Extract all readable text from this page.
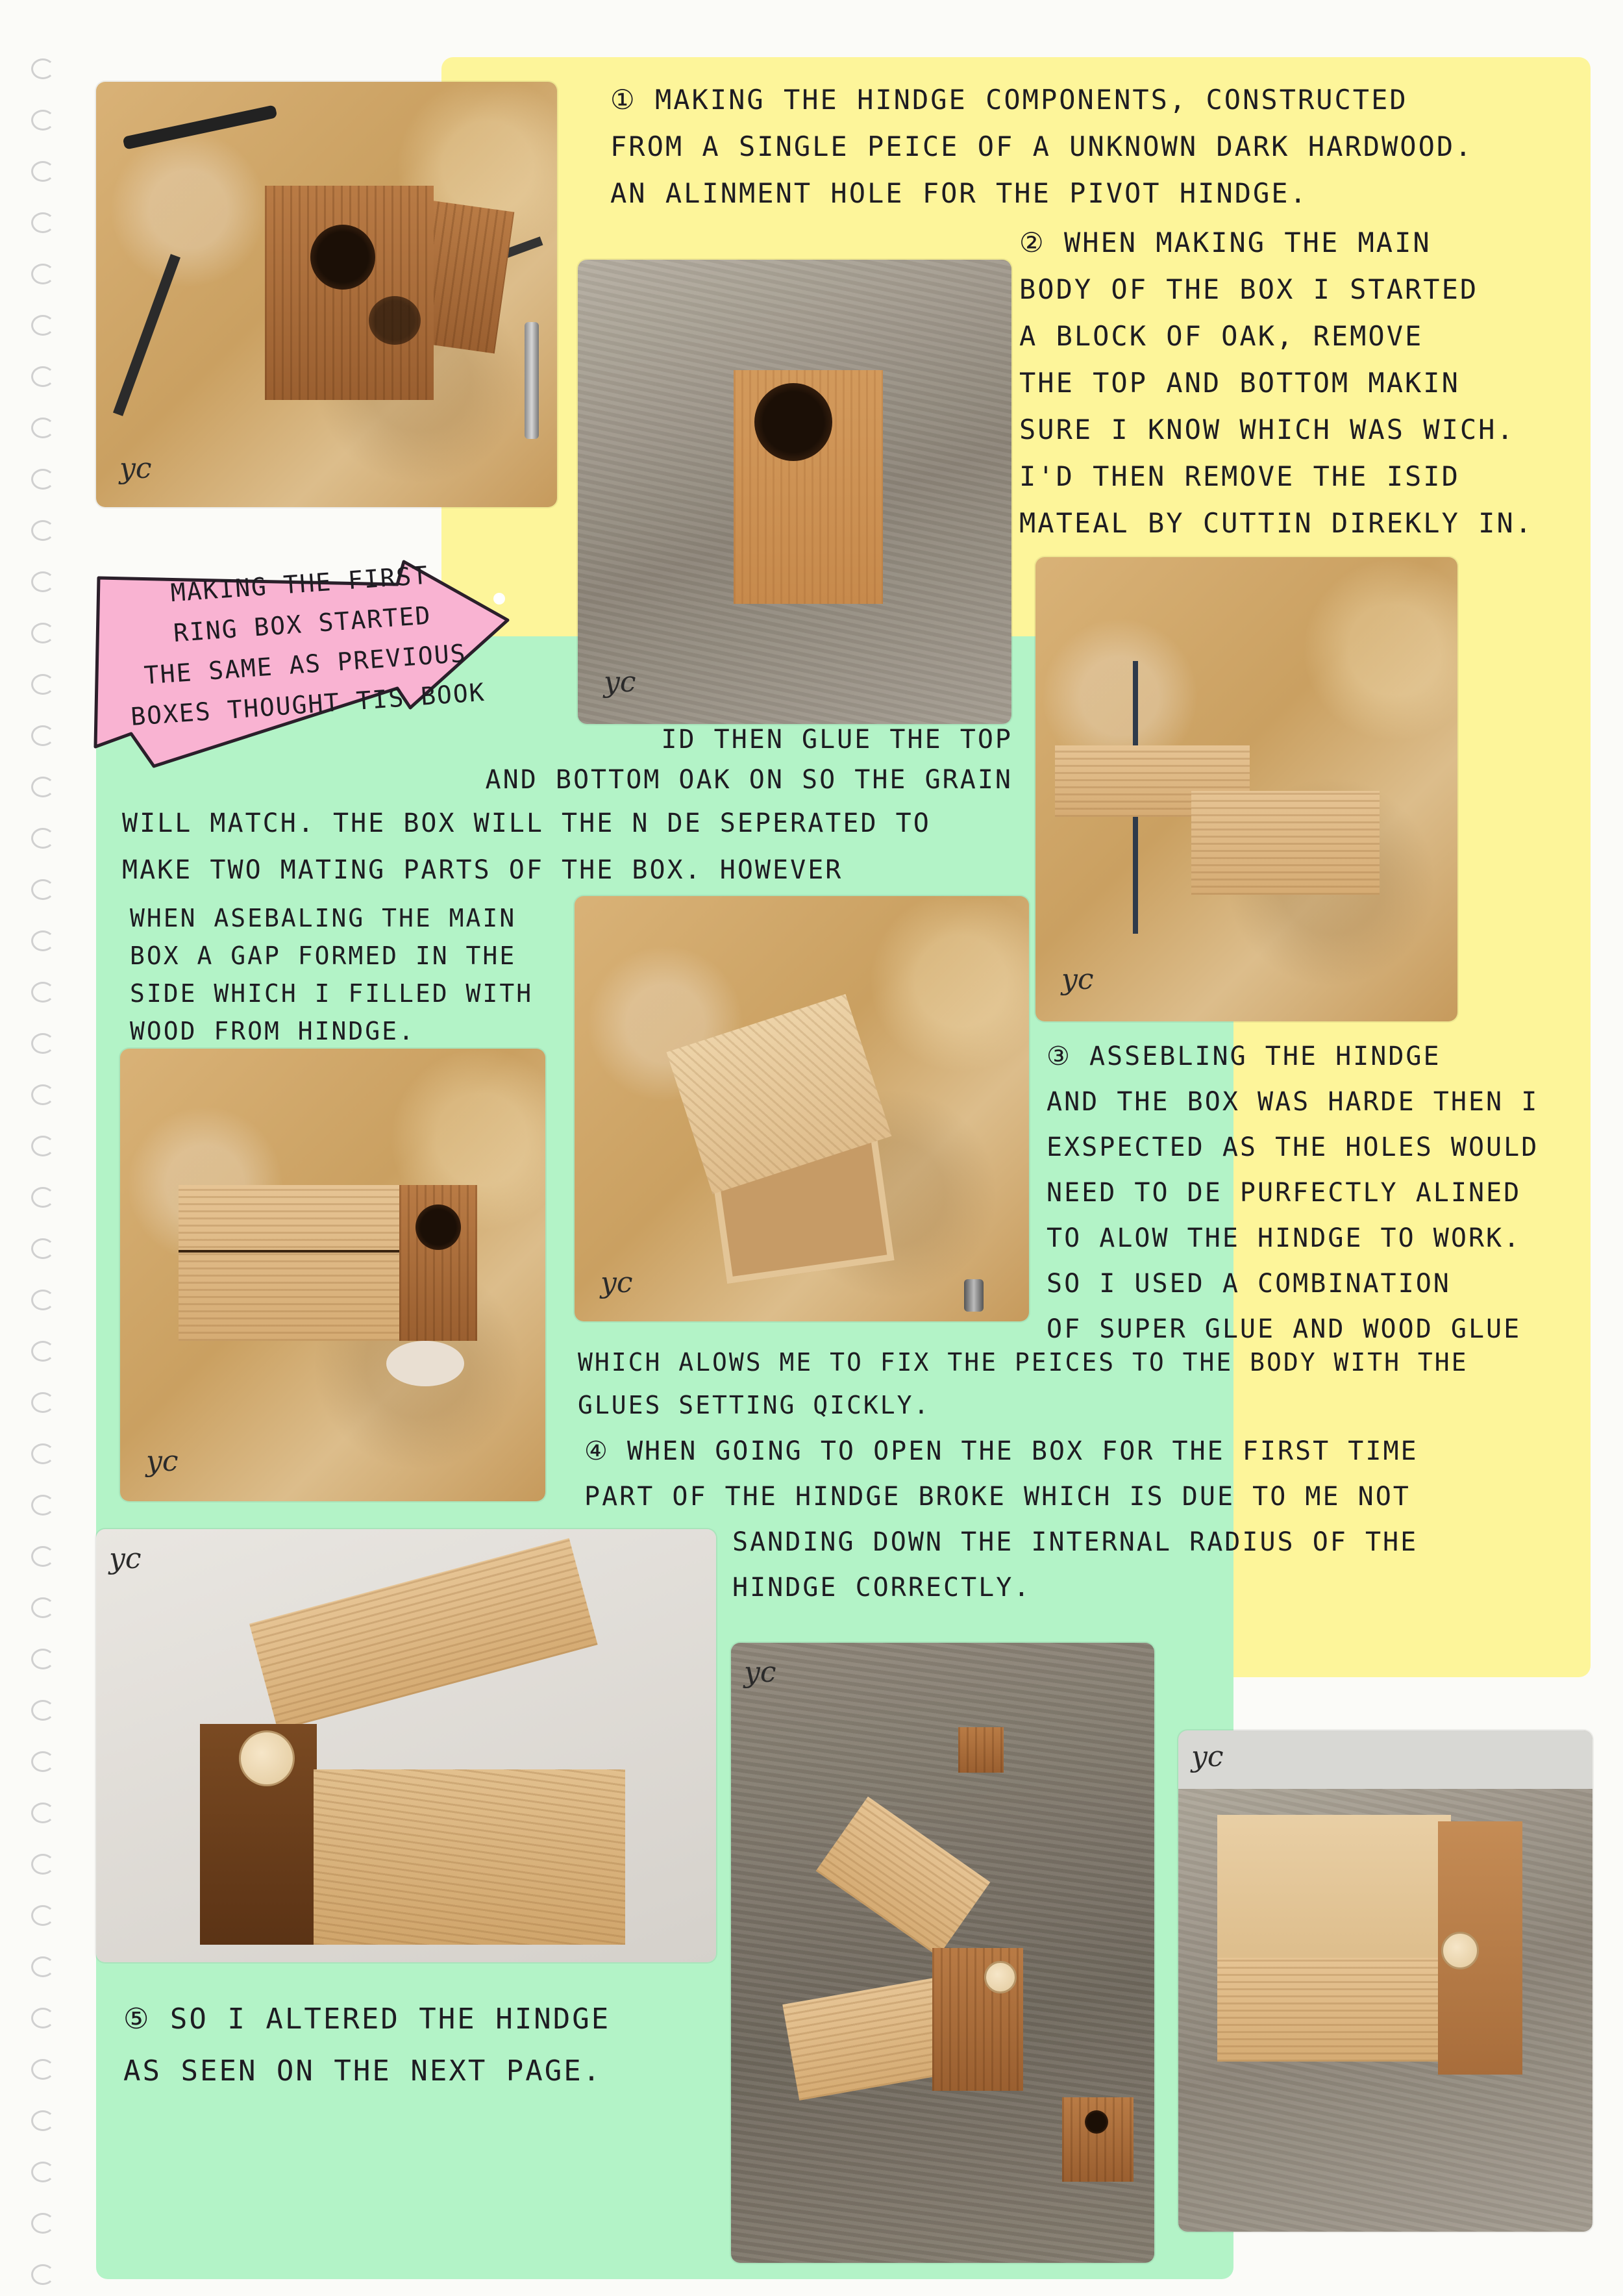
yc
yc
yc
yc
yc
yc
yc
yc
MAKING THE FIRST
RING BOX STARTED
THE SAME AS PREVIOUS
BOXES THOUGHT TIS BOOK
① MAKING THE HINDGE COMPONENTS, CONSTRUCTED
FROM A SINGLE PEICE OF A UNKNOWN DARK HARDWOOD.
AN ALINMENT HOLE FOR THE PIVOT HINDGE.
② WHEN MAKING THE MAIN
BODY OF THE BOX I STARTED
A BLOCK OF OAK, REMOVE
THE TOP AND BOTTOM MAKIN
SURE I KNOW WHICH WAS WICH.
I'D THEN REMOVE THE ISID
MATEAL BY CUTTIN DIREKLY IN.
ID THEN GLUE THE TOP
AND BOTTOM OAK ON SO THE GRAIN
WILL MATCH. THE BOX WILL THE N DE SEPERATED TO
MAKE TWO MATING PARTS OF THE BOX. HOWEVER
WHEN ASEBALING THE MAIN
BOX A GAP FORMED IN THE
SIDE WHICH I FILLED WITH
WOOD FROM HINDGE.
③ ASSEBLING THE HINDGE
AND THE BOX WAS HARDE THEN I
EXSPECTED AS THE HOLES WOULD
NEED TO DE PURFECTLY ALINED
TO ALOW THE HINDGE TO WORK.
SO I USED A COMBINATION
OF SUPER GLUE AND WOOD GLUE
WHICH ALOWS ME TO FIX THE PEICES TO THE BODY WITH THE
GLUES SETTING QICKLY.
④ WHEN GOING TO OPEN THE BOX FOR THE FIRST TIME
PART OF THE HINDGE BROKE WHICH IS DUE TO ME NOT
SANDING DOWN THE INTERNAL RADIUS OF THE
HINDGE CORRECTLY.
⑤ SO I ALTERED THE HINDGE
AS SEEN ON THE NEXT PAGE.
